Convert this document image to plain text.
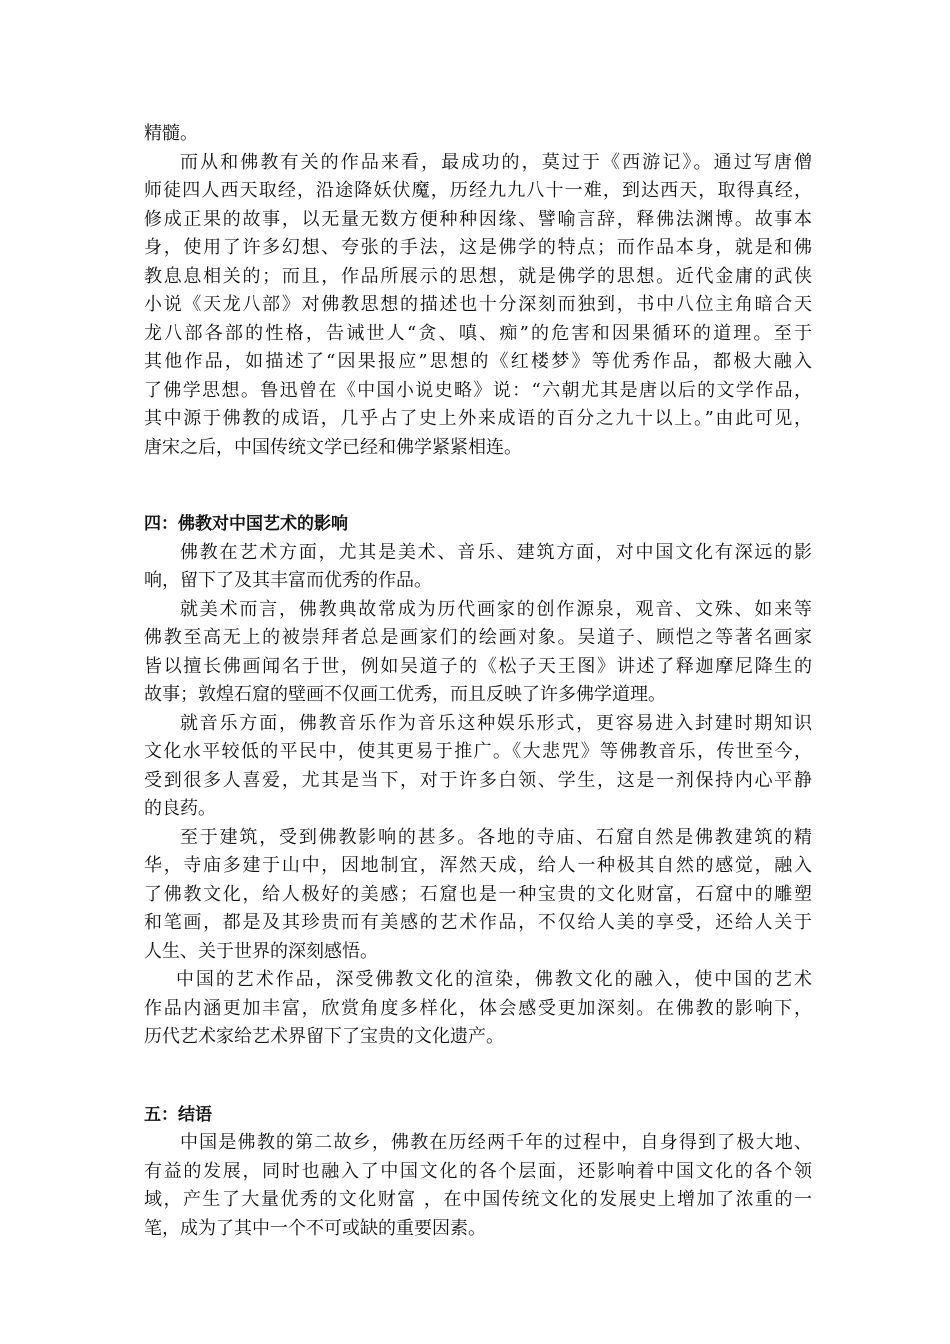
精髓。
而从和佛教有关的作品来看，最成功的，莫过于《西游记》。通过写唐僧
师徒四人西天取经，沿途降妖伏魔，历经九九八十一难，到达西天，取得真经，
修成正果的故事，以无量无数方便种种因缘、譬喻言辞，释佛法渊博。故事本
身，使用了许多幻想、夸张的手法，这是佛学的特点；而作品本身，就是和佛
教息息相关的；而且，作品所展示的思想，就是佛学的思想。近代金庸的武侠
小说《天龙八部》对佛教思想的描述也十分深刻而独到，书中八位主角暗合天
龙八部各部的性格，告诫世人“贪、嗔、痴”的危害和因果循环的道理。至于
其他作品，如描述了“因果报应”思想的《红楼梦》等优秀作品，都极大融入
了佛学思想。鲁迅曾在《中国小说史略》说：“六朝尤其是唐以后的文学作品，
其中源于佛教的成语，几乎占了史上外来成语的百分之九十以上。”由此可见，
唐宋之后，中国传统文学已经和佛学紧紧相连。
四：佛教对中国艺术的影响
佛教在艺术方面，尤其是美术、音乐、建筑方面，对中国文化有深远的影
响，留下了及其丰富而优秀的作品。
就美术而言，佛教典故常成为历代画家的创作源泉，观音、文殊、如来等
佛教至高无上的被崇拜者总是画家们的绘画对象。吴道子、顾恺之等著名画家
皆以擅长佛画闻名于世，例如吴道子的《松子天王图》讲述了释迦摩尼降生的
故事；敦煌石窟的壁画不仅画工优秀，而且反映了许多佛学道理。
就音乐方面，佛教音乐作为音乐这种娱乐形式，更容易进入封建时期知识
文化水平较低的平民中，使其更易于推广。《大悲咒》等佛教音乐，传世至今，
受到很多人喜爱，尤其是当下，对于许多白领、学生，这是一剂保持内心平静
的良药。
至于建筑，受到佛教影响的甚多。各地的寺庙、石窟自然是佛教建筑的精
华，寺庙多建于山中，因地制宜，浑然天成，给人一种极其自然的感觉，融入
了佛教文化，给人极好的美感；石窟也是一种宝贵的文化财富，石窟中的雕塑
和笔画，都是及其珍贵而有美感的艺术作品，不仅给人美的享受，还给人关于
人生、关于世界的深刻感悟。
中国的艺术作品，深受佛教文化的渲染，佛教文化的融入，使中国的艺术
作品内涵更加丰富，欣赏角度多样化，体会感受更加深刻。在佛教的影响下，
历代艺术家给艺术界留下了宝贵的文化遗产。
五：结语
中国是佛教的第二故乡，佛教在历经两千年的过程中，自身得到了极大地、
有益的发展，同时也融入了中国文化的各个层面，还影响着中国文化的各个领
域，产生了大量优秀的文化财富 ，在中国传统文化的发展史上增加了浓重的一
笔，成为了其中一个不可或缺的重要因素。
